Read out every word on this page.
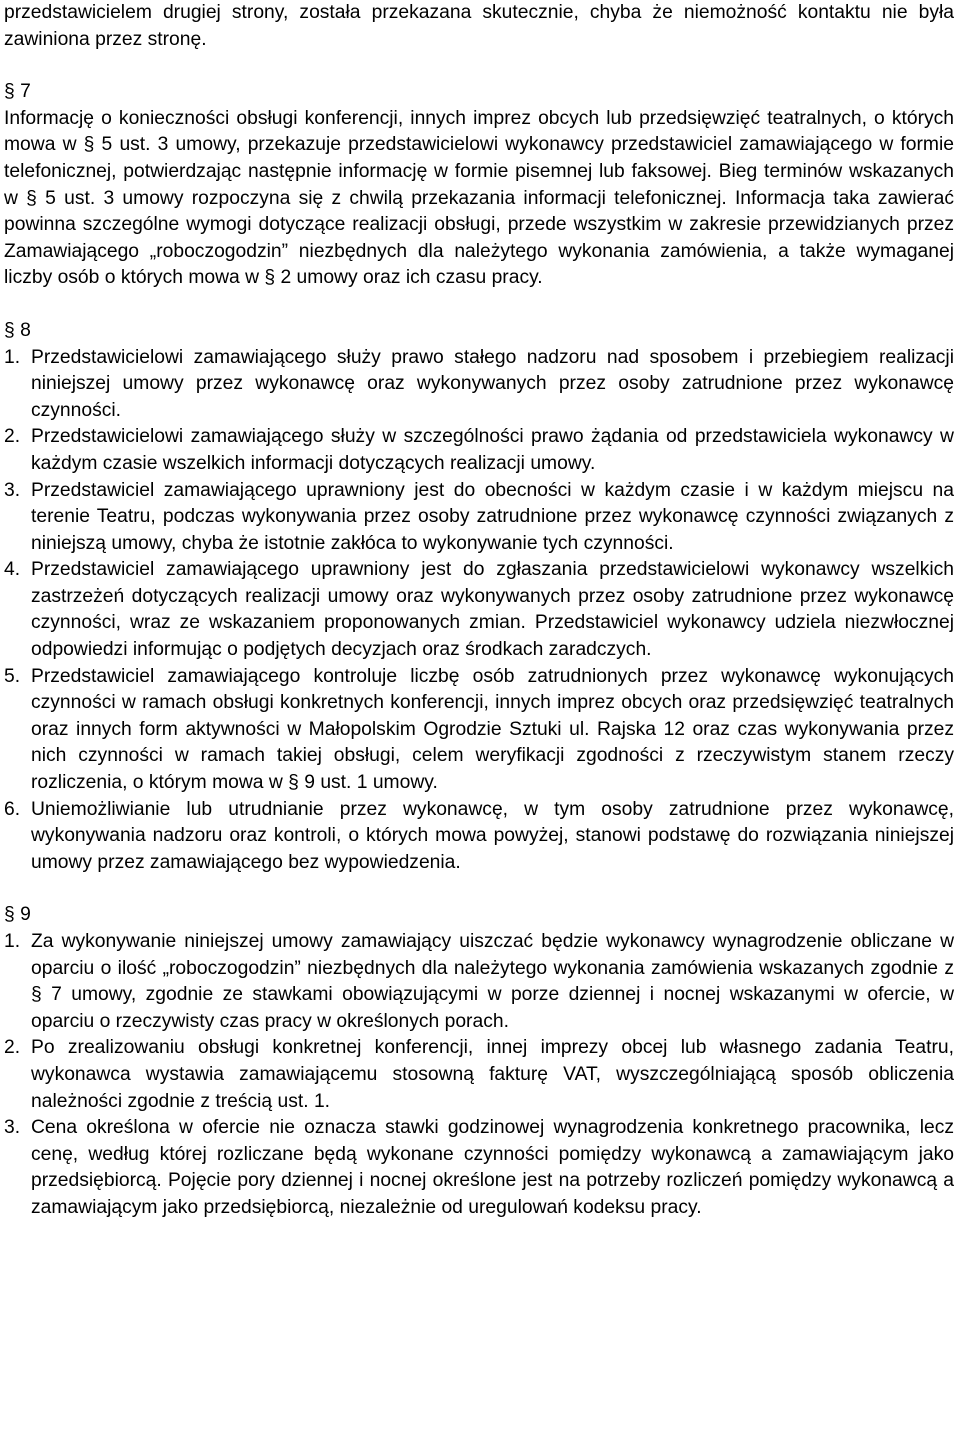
przedstawicielem drugiej strony, została przekazana skutecznie, chyba że niemożność kontaktu nie była zawiniona przez stronę.

§ 7

Informację o konieczności obsługi konferencji, innych imprez obcych lub przedsięwzięć teatralnych, o których mowa w § 5 ust. 3 umowy, przekazuje przedstawicielowi wykonawcy przedstawiciel zamawiającego w formie telefonicznej, potwierdzając następnie informację w formie pisemnej lub faksowej. Bieg terminów wskazanych w § 5 ust. 3 umowy rozpoczyna się z chwilą przekazania informacji telefonicznej. Informacja taka zawierać powinna szczególne wymogi dotyczące realizacji obsługi, przede wszystkim w zakresie przewidzianych przez Zamawiającego „roboczogodzin” niezbędnych dla należytego wykonania zamówienia, a także wymaganej liczby osób o których mowa w § 2 umowy oraz ich czasu pracy.

§ 8

1. Przedstawicielowi zamawiającego służy prawo stałego nadzoru nad sposobem i przebiegiem realizacji niniejszej umowy przez wykonawcę oraz wykonywanych przez osoby zatrudnione przez wykonawcę czynności.
2. Przedstawicielowi zamawiającego służy w szczególności prawo żądania od przedstawiciela wykonawcy w każdym czasie wszelkich informacji dotyczących realizacji umowy.
3. Przedstawiciel zamawiającego uprawniony jest do obecności w każdym czasie i w każdym miejscu na terenie Teatru, podczas wykonywania przez osoby zatrudnione przez wykonawcę czynności związanych z niniejszą umowy, chyba że istotnie zakłóca to wykonywanie tych czynności.
4. Przedstawiciel zamawiającego uprawniony jest do zgłaszania przedstawicielowi wykonawcy wszelkich zastrzeżeń dotyczących realizacji umowy oraz wykonywanych przez osoby zatrudnione przez wykonawcę czynności, wraz ze wskazaniem proponowanych zmian. Przedstawiciel wykonawcy udziela niezwłocznej odpowiedzi informując o podjętych decyzjach oraz środkach zaradczych.
5. Przedstawiciel zamawiającego kontroluje liczbę osób zatrudnionych przez wykonawcę wykonujących czynności w ramach obsługi konkretnych konferencji, innych imprez obcych oraz przedsięwzięć teatralnych oraz innych form aktywności w Małopolskim Ogrodzie Sztuki ul. Rajska 12 oraz czas wykonywania przez nich czynności w ramach takiej obsługi, celem weryfikacji zgodności z rzeczywistym stanem rzeczy rozliczenia, o którym mowa w § 9 ust. 1 umowy.
6. Uniemożliwianie lub utrudnianie przez wykonawcę, w tym osoby zatrudnione przez wykonawcę, wykonywania nadzoru oraz kontroli, o których mowa powyżej, stanowi podstawę do rozwiązania niniejszej umowy przez zamawiającego bez wypowiedzenia.

§ 9

1. Za wykonywanie niniejszej umowy zamawiający uiszczać będzie wykonawcy wynagrodzenie obliczane w oparciu o ilość „roboczogodzin” niezbędnych dla należytego wykonania zamówienia wskazanych zgodnie z § 7 umowy, zgodnie ze stawkami obowiązującymi w porze dziennej i nocnej wskazanymi w ofercie, w oparciu o rzeczywisty czas pracy w określonych porach.
2. Po zrealizowaniu obsługi konkretnej konferencji, innej imprezy obcej lub własnego zadania Teatru, wykonawca wystawia zamawiającemu stosowną fakturę VAT, wyszczególniającą sposób obliczenia należności zgodnie z treścią ust. 1.
3. Cena określona w ofercie nie oznacza stawki godzinowej wynagrodzenia konkretnego pracownika, lecz cenę, według której rozliczane będą wykonane czynności pomiędzy wykonawcą a zamawiającym jako przedsiębiorcą. Pojęcie pory dziennej i nocnej określone jest na potrzeby rozliczeń pomiędzy wykonawcą a zamawiającym jako przedsiębiorcą, niezależnie od uregulowań kodeksu pracy.
